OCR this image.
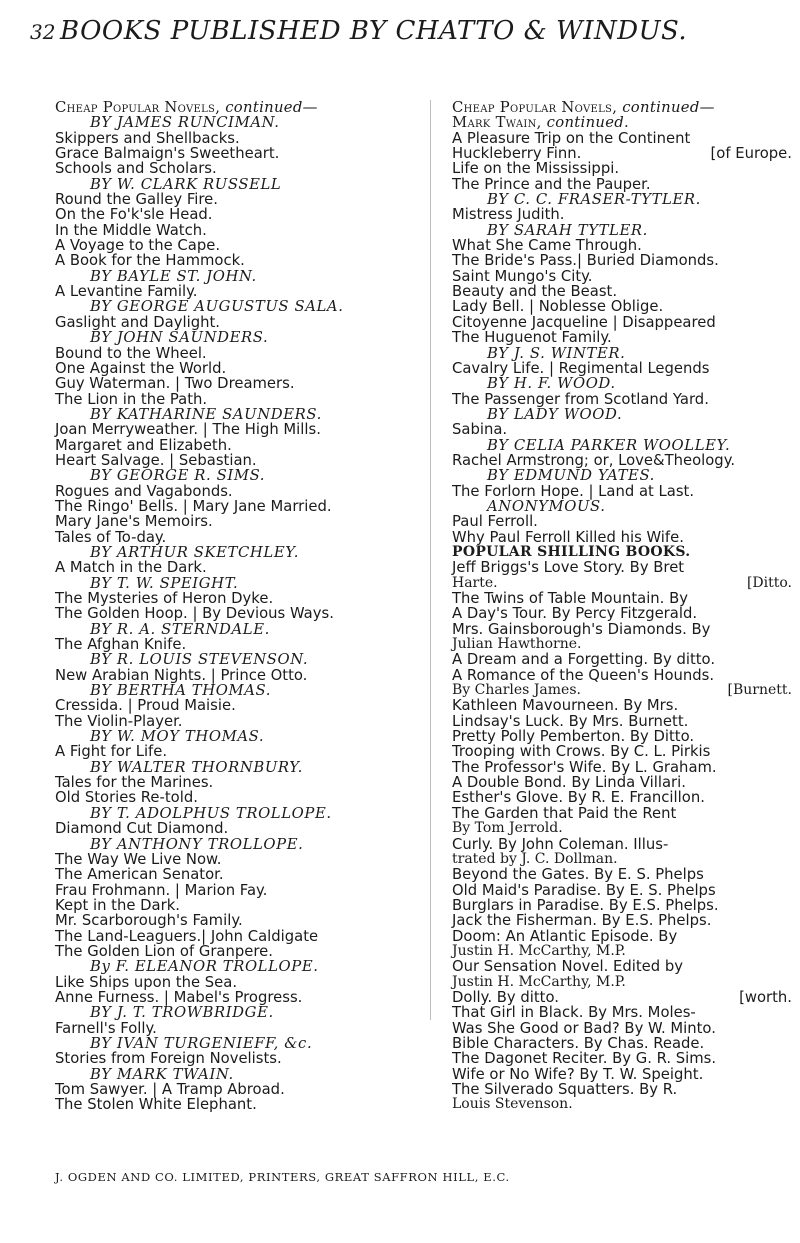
32 BOOKS PUBLISHED BY CHATTO & WINDUS.
Cheap Popular Novels, continued—
BY JAMES RUNCIMAN.
Skippers and Shellbacks.
Grace Balmaign's Sweetheart.
Schools and Scholars.
BY W. CLARK RUSSELL
Round the Galley Fire.
On the Fo'k'sle Head.
In the Middle Watch.
A Voyage to the Cape.
A Book for the Hammock.
BY BAYLE ST. JOHN.
A Levantine Family.
BY GEORGE AUGUSTUS SALA.
Gaslight and Daylight.
BY JOHN SAUNDERS.
Bound to the Wheel.
One Against the World.
Guy Waterman. | Two Dreamers.
The Lion in the Path.
BY KATHARINE SAUNDERS.
Joan Merryweather. | The High Mills.
Margaret and Elizabeth.
Heart Salvage. | Sebastian.
BY GEORGE R. SIMS.
Rogues and Vagabonds.
The Ringo' Bells. | Mary Jane Married.
Mary Jane's Memoirs.
Tales of To-day.
BY ARTHUR SKETCHLEY.
A Match in the Dark.
BY T. W. SPEIGHT.
The Mysteries of Heron Dyke.
The Golden Hoop. | By Devious Ways.
BY R. A. STERNDALE.
The Afghan Knife.
BY R. LOUIS STEVENSON.
New Arabian Nights. | Prince Otto.
BY BERTHA THOMAS.
Cressida. | Proud Maisie.
The Violin-Player.
BY W. MOY THOMAS.
A Fight for Life.
BY WALTER THORNBURY.
Tales for the Marines.
Old Stories Re-told.
BY T. ADOLPHUS TROLLOPE.
Diamond Cut Diamond.
BY ANTHONY TROLLOPE.
The Way We Live Now.
The American Senator.
Frau Frohmann. | Marion Fay.
Kept in the Dark.
Mr. Scarborough's Family.
The Land-Leaguers.| John Caldigate
The Golden Lion of Granpere.
By F. ELEANOR TROLLOPE.
Like Ships upon the Sea.
Anne Furness. | Mabel's Progress.
BY J. T. TROWBRIDGE.
Farnell's Folly.
BY IVAN TURGENIEFF, &c.
Stories from Foreign Novelists.
BY MARK TWAIN.
Tom Sawyer. | A Tramp Abroad.
The Stolen White Elephant.
Cheap Popular Novels, continued—
Mark Twain, continued.
A Pleasure Trip on the Continent
Huckleberry Finn.	[of Europe.
Life on the Mississippi.
The Prince and the Pauper.
BY C. C. FRASER-TYTLER.
Mistress Judith.
BY SARAH TYTLER.
What She Came Through.
The Bride's Pass.| Buried Diamonds.
Saint Mungo's City.
Beauty and the Beast.
Lady Bell. | Noblesse Oblige.
Citoyenne Jacqueline | Disappeared
The Huguenot Family.
BY J. S. WINTER.
Cavalry Life. | Regimental Legends
BY H. F. WOOD.
The Passenger from Scotland Yard.
BY LADY WOOD.
Sabina.
BY CELIA PARKER WOOLLEY.
Rachel Armstrong; or, Love&Theology.
BY EDMUND YATES.
The Forlorn Hope. | Land at Last.
ANONYMOUS.
Paul Ferroll.
Why Paul Ferroll Killed his Wife.
POPULAR SHILLING BOOKS.
Jeff Briggs's Love Story. By Bret
Harte.	[Ditto.
The Twins of Table Mountain. By
A Day's Tour. By Percy Fitzgerald.
Mrs. Gainsborough's Diamonds. By
Julian Hawthorne.
A Dream and a Forgetting. By ditto.
A Romance of the Queen's Hounds.
By Charles James.	[Burnett.
Kathleen Mavourneen. By Mrs.
Lindsay's Luck. By Mrs. Burnett.
Pretty Polly Pemberton. By Ditto.
Trooping with Crows. By C. L. Pirkis
The Professor's Wife. By L. Graham.
A Double Bond. By Linda Villari.
Esther's Glove. By R. E. Francillon.
The Garden that Paid the Rent
By Tom Jerrold.
Curly. By John Coleman. Illus-
trated by J. C. Dollman.
Beyond the Gates. By E. S. Phelps
Old Maid's Paradise. By E. S. Phelps
Burglars in Paradise. By E.S. Phelps.
Jack the Fisherman. By E.S. Phelps.
Doom: An Atlantic Episode. By
Justin H. McCarthy, M.P.
Our Sensation Novel. Edited by
Justin H. McCarthy, M.P.
Dolly. By ditto.	[worth.
That Girl in Black. By Mrs. Moles-
Was She Good or Bad? By W. Minto.
Bible Characters. By Chas. Reade.
The Dagonet Reciter. By G. R. Sims.
Wife or No Wife? By T. W. Speight.
The Silverado Squatters. By R.
Louis Stevenson.
J. OGDEN AND CO. LIMITED, PRINTERS, GREAT SAFFRON HILL, E.C.
